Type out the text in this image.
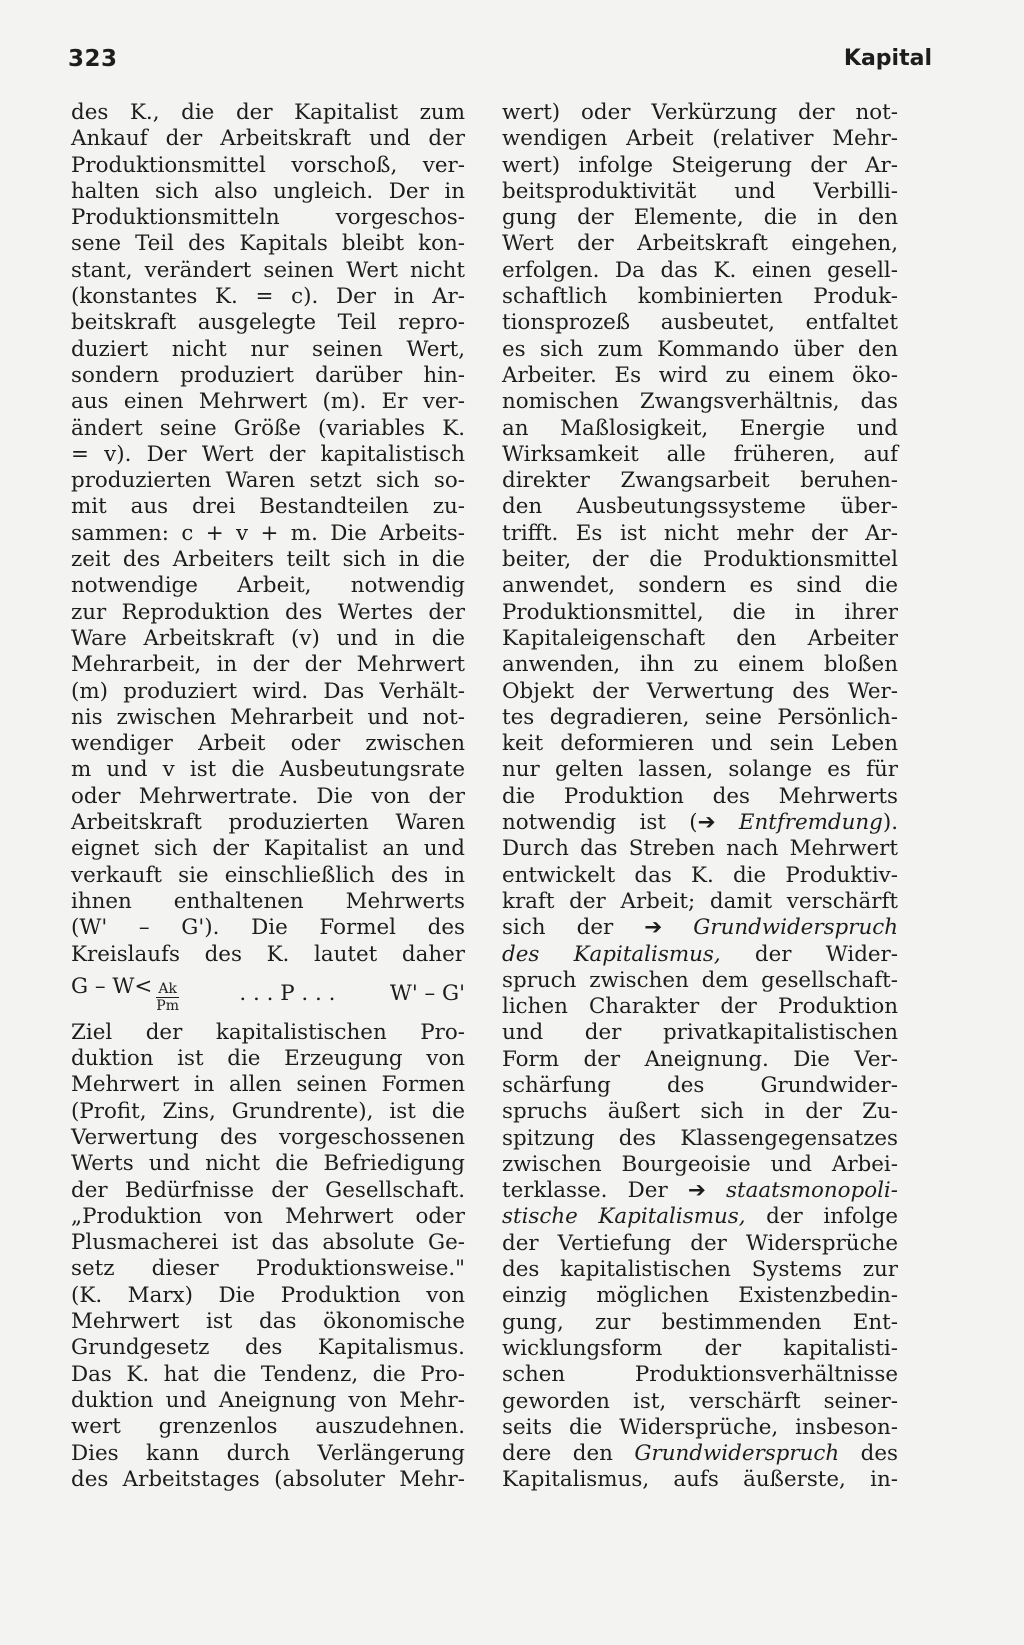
323	Kapital
des K., die der Kapitalist zum
Ankauf der Arbeitskraft und der
Produktionsmittel vorschoß, ver-
halten sich also ungleich. Der in
Produktionsmitteln vorgeschos-
sene Teil des Kapitals bleibt kon-
stant, verändert seinen Wert nicht
(konstantes K. = c). Der in Ar-
beitskraft ausgelegte Teil repro-
duziert nicht nur seinen Wert,
sondern produziert darüber hin-
aus einen Mehrwert (m). Er ver-
ändert seine Größe (variables K.
= v). Der Wert der kapitalistisch
produzierten Waren setzt sich so-
mit aus drei Bestandteilen zu-
sammen: c + v + m. Die Arbeits-
zeit des Arbeiters teilt sich in die
notwendige Arbeit, notwendig
zur Reproduktion des Wertes der
Ware Arbeitskraft (v) und in die
Mehrarbeit, in der der Mehrwert
(m) produziert wird. Das Verhält-
nis zwischen Mehrarbeit und not-
wendiger Arbeit oder zwischen
m und v ist die Ausbeutungsrate
oder Mehrwertrate. Die von der
Arbeitskraft produzierten Waren
eignet sich der Kapitalist an und
verkauft sie einschließlich des in
ihnen enthaltenen Mehrwerts
(W' – G'). Die Formel des
Kreislaufs des K. lautet daher
$G - W< \frac{Ak}{Pm}$	. . . P . . .	W' – G'
Ziel der kapitalistischen Pro-
duktion ist die Erzeugung von
Mehrwert in allen seinen Formen
(Profit, Zins, Grundrente), ist die
Verwertung des vorgeschossenen
Werts und nicht die Befriedigung
der Bedürfnisse der Gesellschaft.
„Produktion von Mehrwert oder
Plusmacherei ist das absolute Ge-
setz dieser Produktionsweise."
(K. Marx) Die Produktion von
Mehrwert ist das ökonomische
Grundgesetz des Kapitalismus.
Das K. hat die Tendenz, die Pro-
duktion und Aneignung von Mehr-
wert grenzenlos auszudehnen.
Dies kann durch Verlängerung
des Arbeitstages (absoluter Mehr-
wert) oder Verkürzung der not-
wendigen Arbeit (relativer Mehr-
wert) infolge Steigerung der Ar-
beitsproduktivität und Verbilli-
gung der Elemente, die in den
Wert der Arbeitskraft eingehen,
erfolgen. Da das K. einen gesell-
schaftlich kombinierten Produk-
tionsprozeß ausbeutet, entfaltet
es sich zum Kommando über den
Arbeiter. Es wird zu einem öko-
nomischen Zwangsverhältnis, das
an Maßlosigkeit, Energie und
Wirksamkeit alle früheren, auf
direkter Zwangsarbeit beruhen-
den Ausbeutungssysteme über-
trifft. Es ist nicht mehr der Ar-
beiter, der die Produktionsmittel
anwendet, sondern es sind die
Produktionsmittel, die in ihrer
Kapitaleigenschaft den Arbeiter
anwenden, ihn zu einem bloßen
Objekt der Verwertung des Wer-
tes degradieren, seine Persönlich-
keit deformieren und sein Leben
nur gelten lassen, solange es für
die Produktion des Mehrwerts
notwendig ist (➔ Entfremdung).
Durch das Streben nach Mehrwert
entwickelt das K. die Produktiv-
kraft der Arbeit; damit verschärft
sich der ➔ Grundwiderspruch
des Kapitalismus, der Wider-
spruch zwischen dem gesellschaft-
lichen Charakter der Produktion
und der privatkapitalistischen
Form der Aneignung. Die Ver-
schärfung des Grundwider-
spruchs äußert sich in der Zu-
spitzung des Klassengegensatzes
zwischen Bourgeoisie und Arbei-
terklasse. Der ➔ staatsmonopoli-
stische Kapitalismus, der infolge
der Vertiefung der Widersprüche
des kapitalistischen Systems zur
einzig möglichen Existenzbedin-
gung, zur bestimmenden Ent-
wicklungsform der kapitalisti-
schen Produktionsverhältnisse
geworden ist, verschärft seiner-
seits die Widersprüche, insbeson-
dere den Grundwiderspruch des
Kapitalismus, aufs äußerste, in-
